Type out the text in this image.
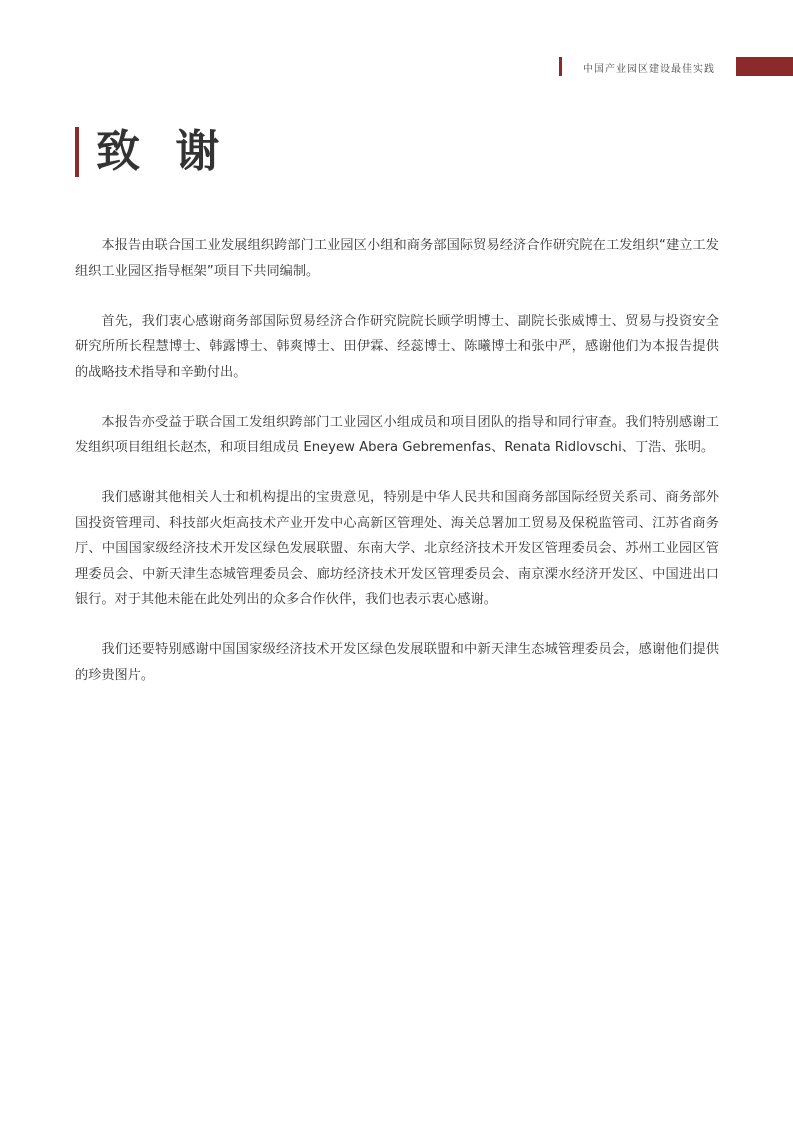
中国产业园区建设最佳实践
致 谢

本报告由联合国工业发展组织跨部门工业园区小组和商务部国际贸易经济合作研究院在工发组织“建立工发组织工业园区指导框架”项目下共同编制。

首先，我们衷心感谢商务部国际贸易经济合作研究院院长顾学明博士、副院长张威博士、贸易与投资安全研究所所长程慧博士、韩露博士、韩爽博士、田伊霖、经蕊博士、陈曦博士和张中严，感谢他们为本报告提供的战略技术指导和辛勤付出。

本报告亦受益于联合国工发组织跨部门工业园区小组成员和项目团队的指导和同行审查。我们特别感谢工发组织项目组组长赵杰，和项目组成员 Eneyew Abera Gebremenfas、Renata Ridlovschi、丁浩、张明。

我们感谢其他相关人士和机构提出的宝贵意见，特别是中华人民共和国商务部国际经贸关系司、商务部外国投资管理司、科技部火炬高技术产业开发中心高新区管理处、海关总署加工贸易及保税监管司、江苏省商务厅、中国国家级经济技术开发区绿色发展联盟、东南大学、北京经济技术开发区管理委员会、苏州工业园区管理委员会、中新天津生态城管理委员会、廊坊经济技术开发区管理委员会、南京溧水经济开发区、中国进出口银行。对于其他未能在此处列出的众多合作伙伴，我们也表示衷心感谢。

我们还要特别感谢中国国家级经济技术开发区绿色发展联盟和中新天津生态城管理委员会，感谢他们提供的珍贵图片。
